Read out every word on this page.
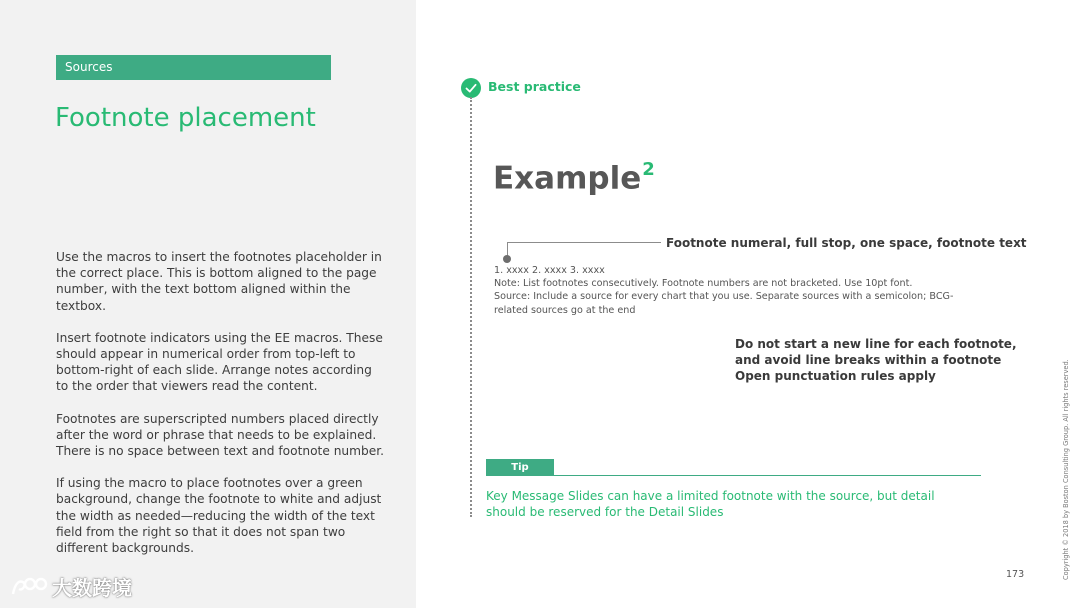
Sources
Footnote placement

Use the macros to insert the footnotes placeholder in the correct place. This is bottom aligned to the page number, with the text bottom aligned within the textbox.

Insert footnote indicators using the EE macros. These should appear in numerical order from top-left to bottom-right of each slide. Arrange notes according to the order that viewers read the content.

Footnotes are superscripted numbers placed directly after the word or phrase that needs to be explained. There is no space between text and footnote number.

If using the macro to place footnotes over a green background, change the footnote to white and adjust the width as needed—reducing the width of the text field from the right so that it does not span two different backgrounds.

大数跨境
Best practice
Example$^2$
Footnote numeral, full stop, one space, footnote text
1. xxxx 2. xxxx 3. xxxx
Note: List footnotes consecutively. Footnote numbers are not bracketed. Use 10pt font.
Source: Include a source for every chart that you use. Separate sources with a semicolon; BCG-related sources go at the end
Do not start a new line for each footnote,
and avoid line breaks within a footnote
Open punctuation rules apply
Tip
Key Message Slides can have a limited footnote with the source, but detail should be reserved for the Detail Slides	Copyright © 2018 by Boston Consulting Group. All rights reserved.
173
